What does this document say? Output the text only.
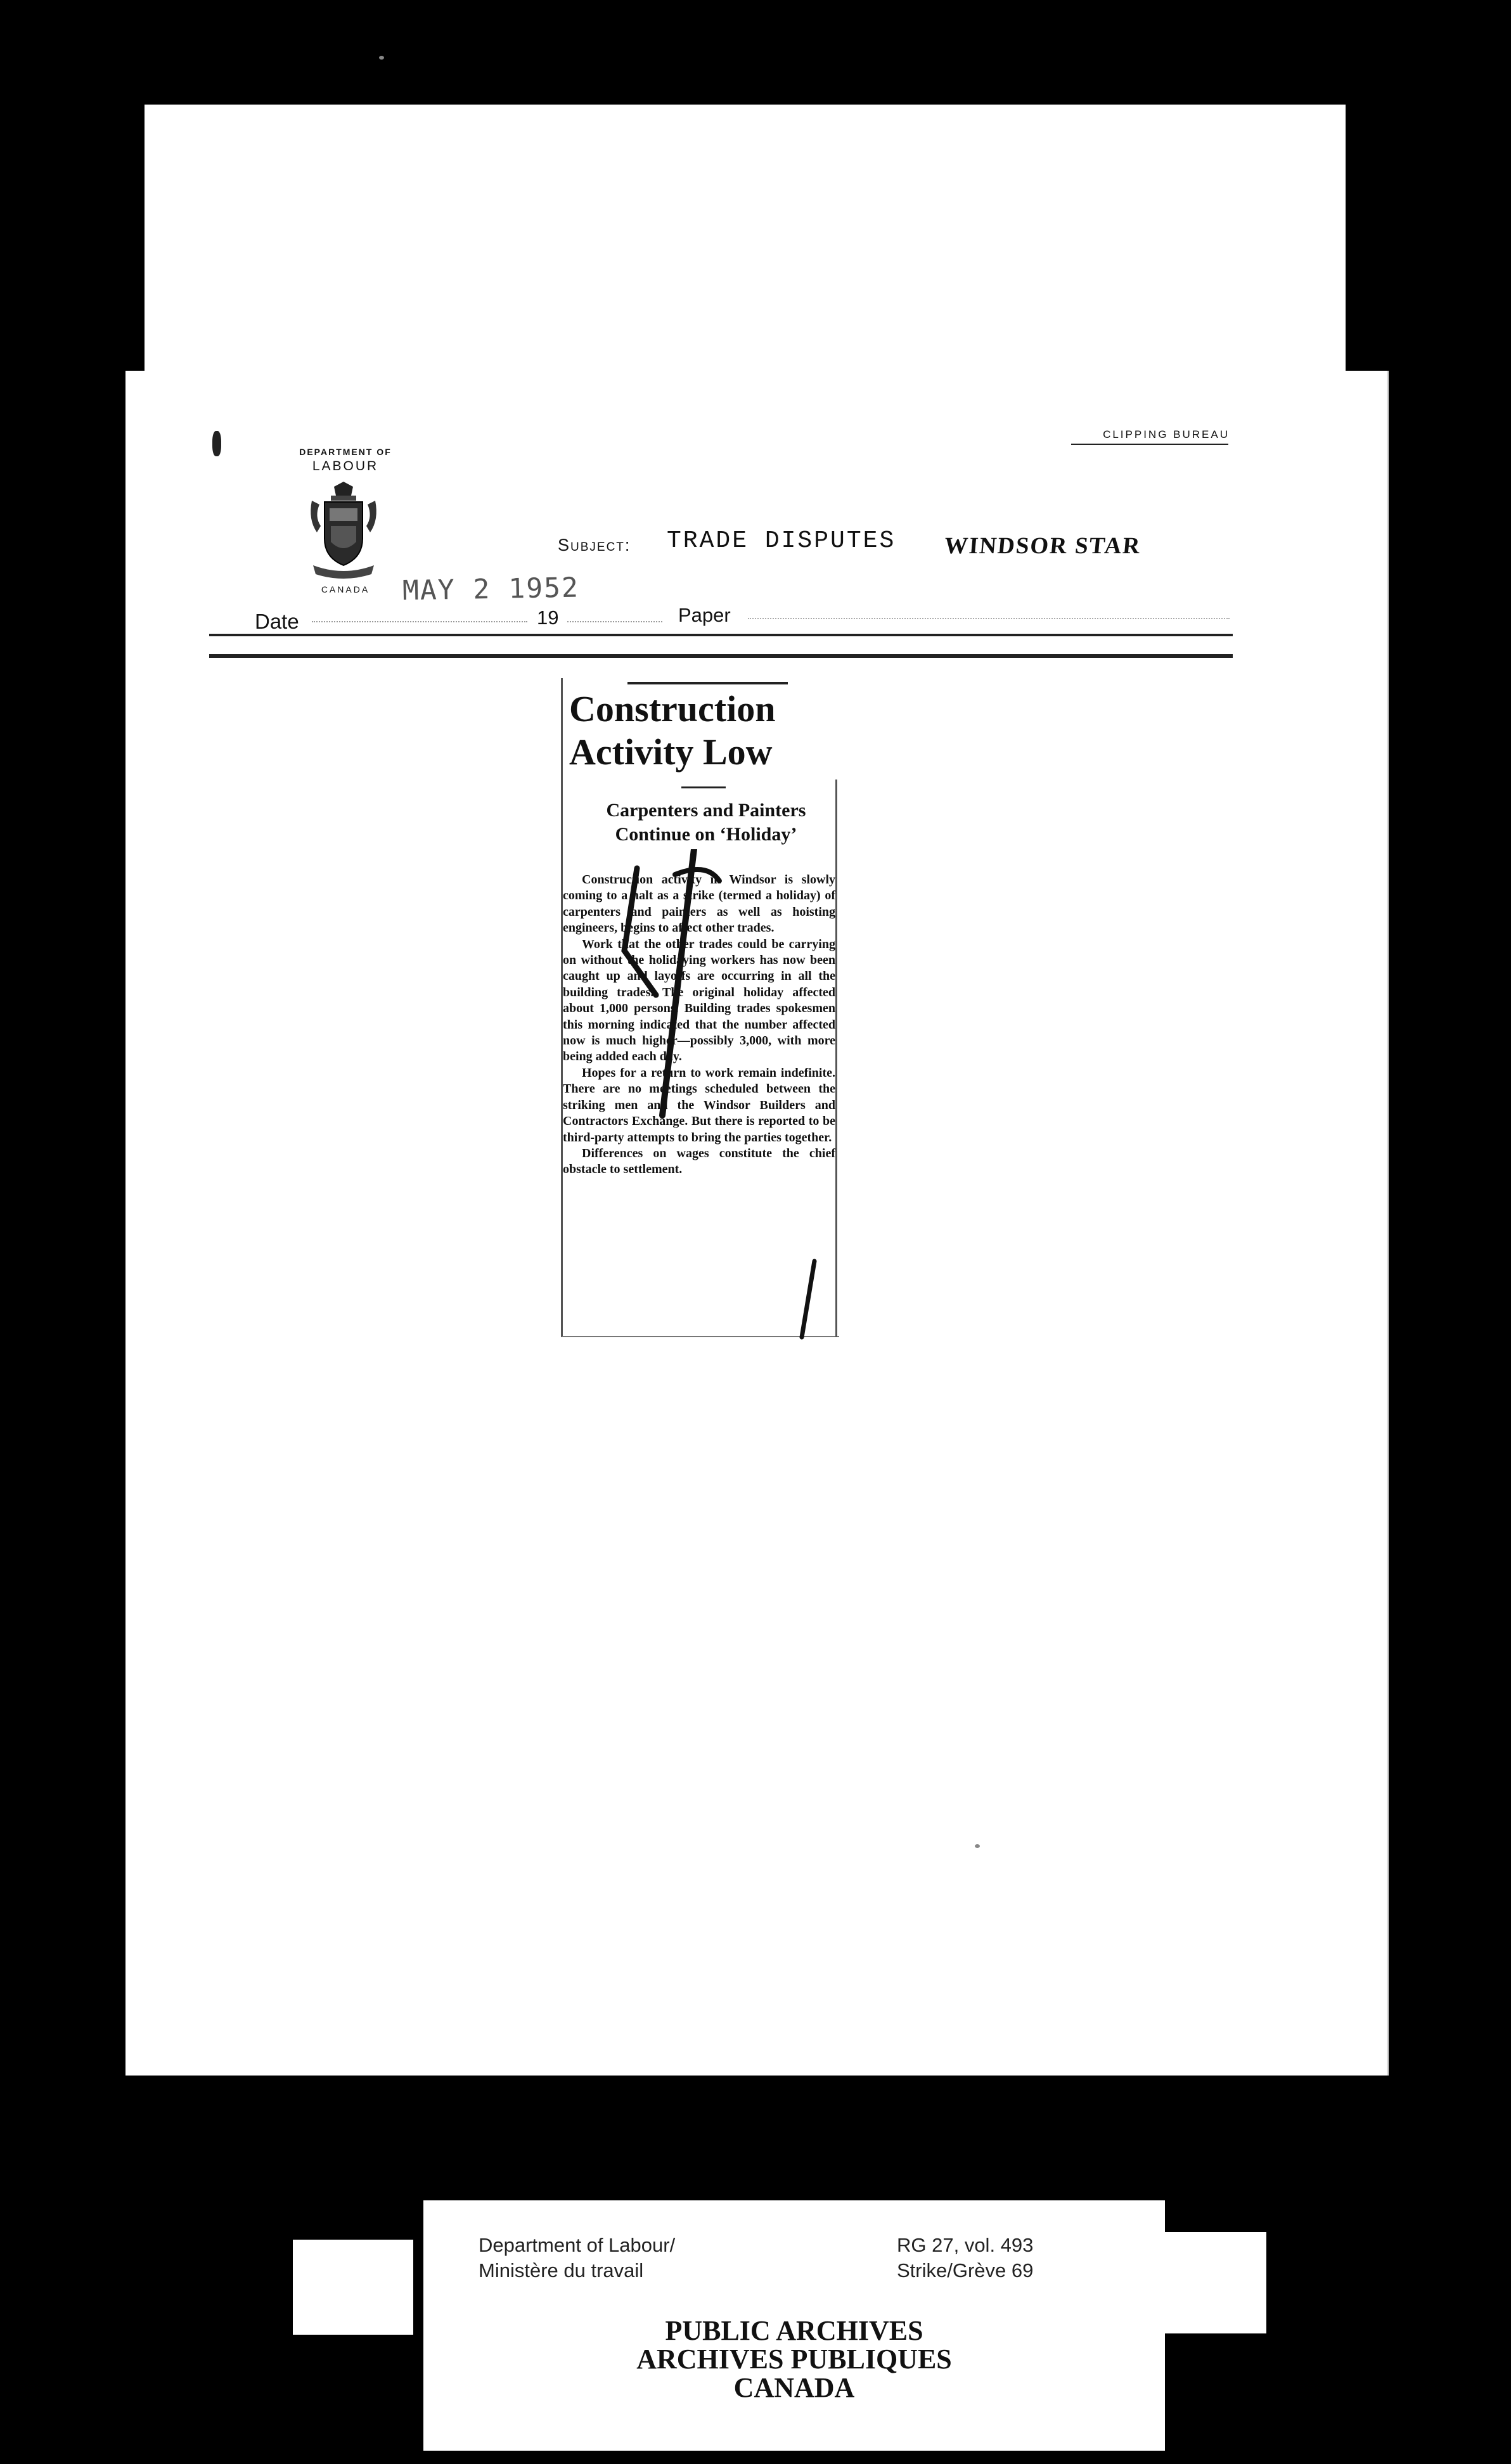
DEPARTMENT OF
LABOUR
CANADA
CLIPPING BUREAU
Subject: TRADE DISPUTES WINDSOR STAR
MAY 2 1952
Date	19	Paper
Construction Activity Low
Carpenters and Painters Continue on ‘Holiday’

Construction activity in Windsor is slowly coming to a halt as a strike (termed a holiday) of carpenters and painters as well as hoisting engineers, begins to affect other trades.

Work that the other trades could be carrying on without the holidaying workers has now been caught up and layoffs are occurring in all the building trades. The original holiday affected about 1,000 persons. Building trades spokesmen this morning indicated that the number affected now is much higher—possibly 3,000, with more being added each day.

Hopes for a return to work remain indefinite. There are no meetings scheduled between the striking men and the Windsor Builders and Contractors Exchange. But there is reported to be third-party attempts to bring the parties together.

Differences on wages constitute the chief obstacle to settlement.

Department of Labour/
Ministère du travail
RG 27, vol. 493
Strike/Grève 69
PUBLIC ARCHIVES
ARCHIVES PUBLIQUES
CANADA
